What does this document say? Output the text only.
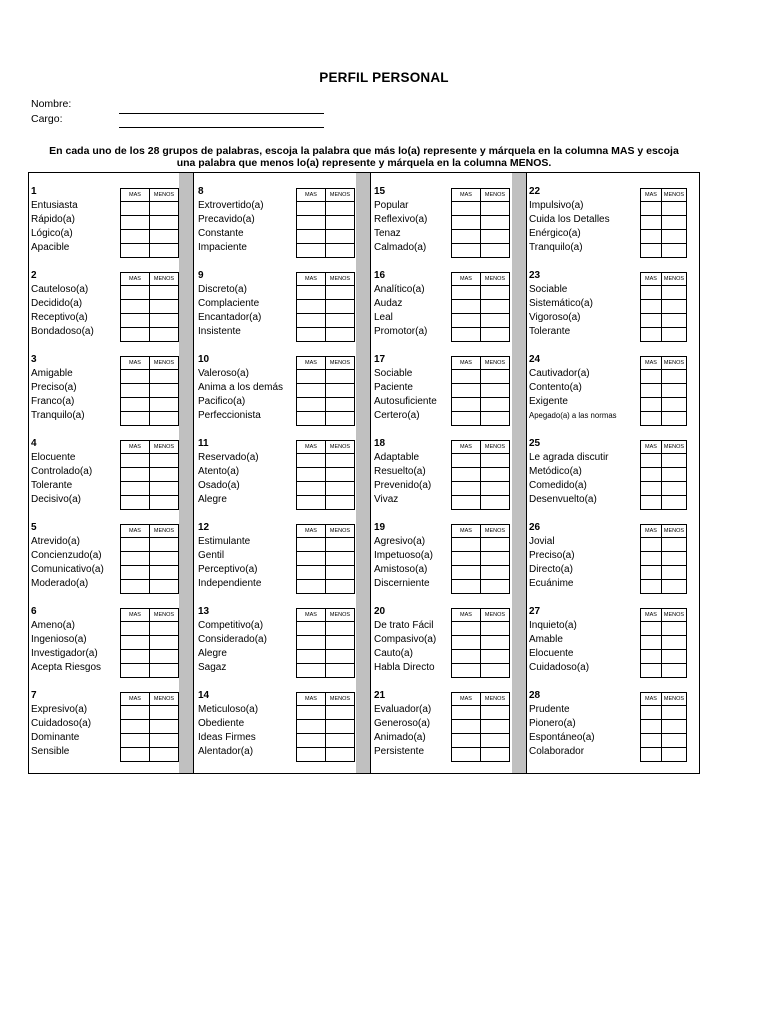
PERFIL PERSONAL
Nombre:
Cargo:
En cada uno de los 28 grupos de palabras, escoja la palabra que más lo(a) represente y márquela en la columna MAS y escoja
una palabra que menos lo(a) represente y márquela en la columna MENOS.
1
Entusiasta
Rápido(a)
Lógico(a)
Apacible
MAS	MENOS

2
Cauteloso(a)
Decidido(a)
Receptivo(a)
Bondadoso(a)
MAS	MENOS

3
Amigable
Preciso(a)
Franco(a)
Tranquilo(a)
MAS	MENOS

4
Elocuente
Controlado(a)
Tolerante
Decisivo(a)
MAS	MENOS

5
Atrevido(a)
Concienzudo(a)
Comunicativo(a)
Moderado(a)
MAS	MENOS

6
Ameno(a)
Ingenioso(a)
Investigador(a)
Acepta Riesgos
MAS	MENOS

7
Expresivo(a)
Cuidadoso(a)
Dominante
Sensible
MAS	MENOS

8
Extrovertido(a)
Precavido(a)
Constante
Impaciente
MAS	MENOS

9
Discreto(a)
Complaciente
Encantador(a)
Insistente
MAS	MENOS

10
Valeroso(a)
Anima a los demás
Pacifico(a)
Perfeccionista
MAS	MENOS

11
Reservado(a)
Atento(a)
Osado(a)
Alegre
MAS	MENOS

12
Estimulante
Gentil
Perceptivo(a)
Independiente
MAS	MENOS

13
Competitivo(a)
Considerado(a)
Alegre
Sagaz
MAS	MENOS

14
Meticuloso(a)
Obediente
Ideas Firmes
Alentador(a)
MAS	MENOS

15
Popular
Reflexivo(a)
Tenaz
Calmado(a)
MAS	MENOS

16
Analítico(a)
Audaz
Leal
Promotor(a)
MAS	MENOS

17
Sociable
Paciente
Autosuficiente
Certero(a)
MAS	MENOS

18
Adaptable
Resuelto(a)
Prevenido(a)
Vivaz
MAS	MENOS

19
Agresivo(a)
Impetuoso(a)
Amistoso(a)
Discerniente
MAS	MENOS

20
De trato Fácil
Compasivo(a)
Cauto(a)
Habla Directo
MAS	MENOS

21
Evaluador(a)
Generoso(a)
Animado(a)
Persistente
MAS	MENOS

22
Impulsivo(a)
Cuida los Detalles
Enérgico(a)
Tranquilo(a)
MAS	MENOS

23
Sociable
Sistemático(a)
Vigoroso(a)
Tolerante
MAS	MENOS

24
Cautivador(a)
Contento(a)
Exigente
Apegado(a) a las normas
MAS	MENOS

25
Le agrada discutir
Metódico(a)
Comedido(a)
Desenvuelto(a)
MAS	MENOS

26
Jovial
Preciso(a)
Directo(a)
Ecuánime
MAS	MENOS

27
Inquieto(a)
Amable
Elocuente
Cuidadoso(a)
MAS	MENOS

28
Prudente
Pionero(a)
Espontáneo(a)
Colaborador
MAS	MENOS
